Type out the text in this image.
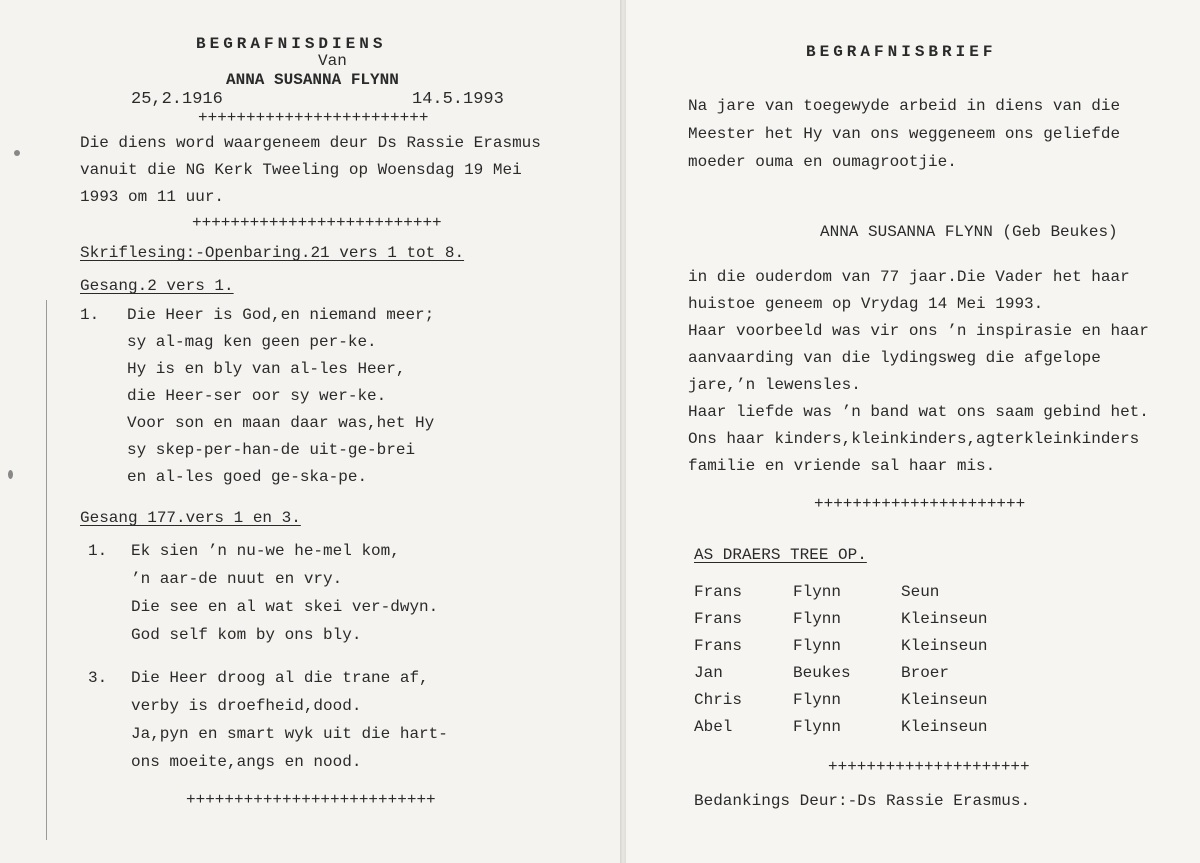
BEGRAFNISDIENS
Van
ANNA SUSANNA FLYNN
25,2.1916	14.5.1993
++++++++++++++++++++++++
Die diens word waargeneem deur Ds Rassie Erasmus
vanuit die NG Kerk Tweeling op Woensdag 19 Mei
1993 om 11 uur.
++++++++++++++++++++++++++
Skriflesing:-Openbaring.21 vers 1 tot 8.
Gesang.2 vers 1.
1. Die Heer is God,en niemand meer;
sy al-mag ken geen per-ke.
Hy is en bly van al-les Heer,
die Heer-ser oor sy wer-ke.
Voor son en maan daar was,het Hy
sy skep-per-han-de uit-ge-brei
en al-les goed ge-ska-pe.
Gesang 177.vers 1 en 3.
1. Ek sien ’n nu-we he-mel kom,
’n aar-de nuut en vry.
Die see en al wat skei ver-dwyn.
God self kom by ons bly.
3. Die Heer droog al die trane af,
verby is droefheid,dood.
Ja,pyn en smart wyk uit die hart-
ons moeite,angs en nood.
++++++++++++++++++++++++++
BEGRAFNISBRIEF
Na jare van toegewyde arbeid in diens van die
Meester het Hy van ons weggeneem ons geliefde
moeder ouma en oumagrootjie.
ANNA SUSANNA FLYNN (Geb Beukes)
in die ouderdom van 77 jaar.Die Vader het haar
huistoe geneem op Vrydag 14 Mei 1993.
Haar voorbeeld was vir ons ’n inspirasie en haar
aanvaarding van die lydingsweg die afgelope
jare,’n lewensles.
Haar liefde was ’n band wat ons saam gebind het.
Ons haar kinders,kleinkinders,agterkleinkinders
familie en vriende sal haar mis.
++++++++++++++++++++++
AS DRAERS TREE OP.
Frans	Flynn	Seun
Frans	Flynn	Kleinseun
Frans	Flynn	Kleinseun
Jan	Beukes	Broer
Chris	Flynn	Kleinseun
Abel	Flynn	Kleinseun
+++++++++++++++++++++
Bedankings Deur:-Ds Rassie Erasmus.
